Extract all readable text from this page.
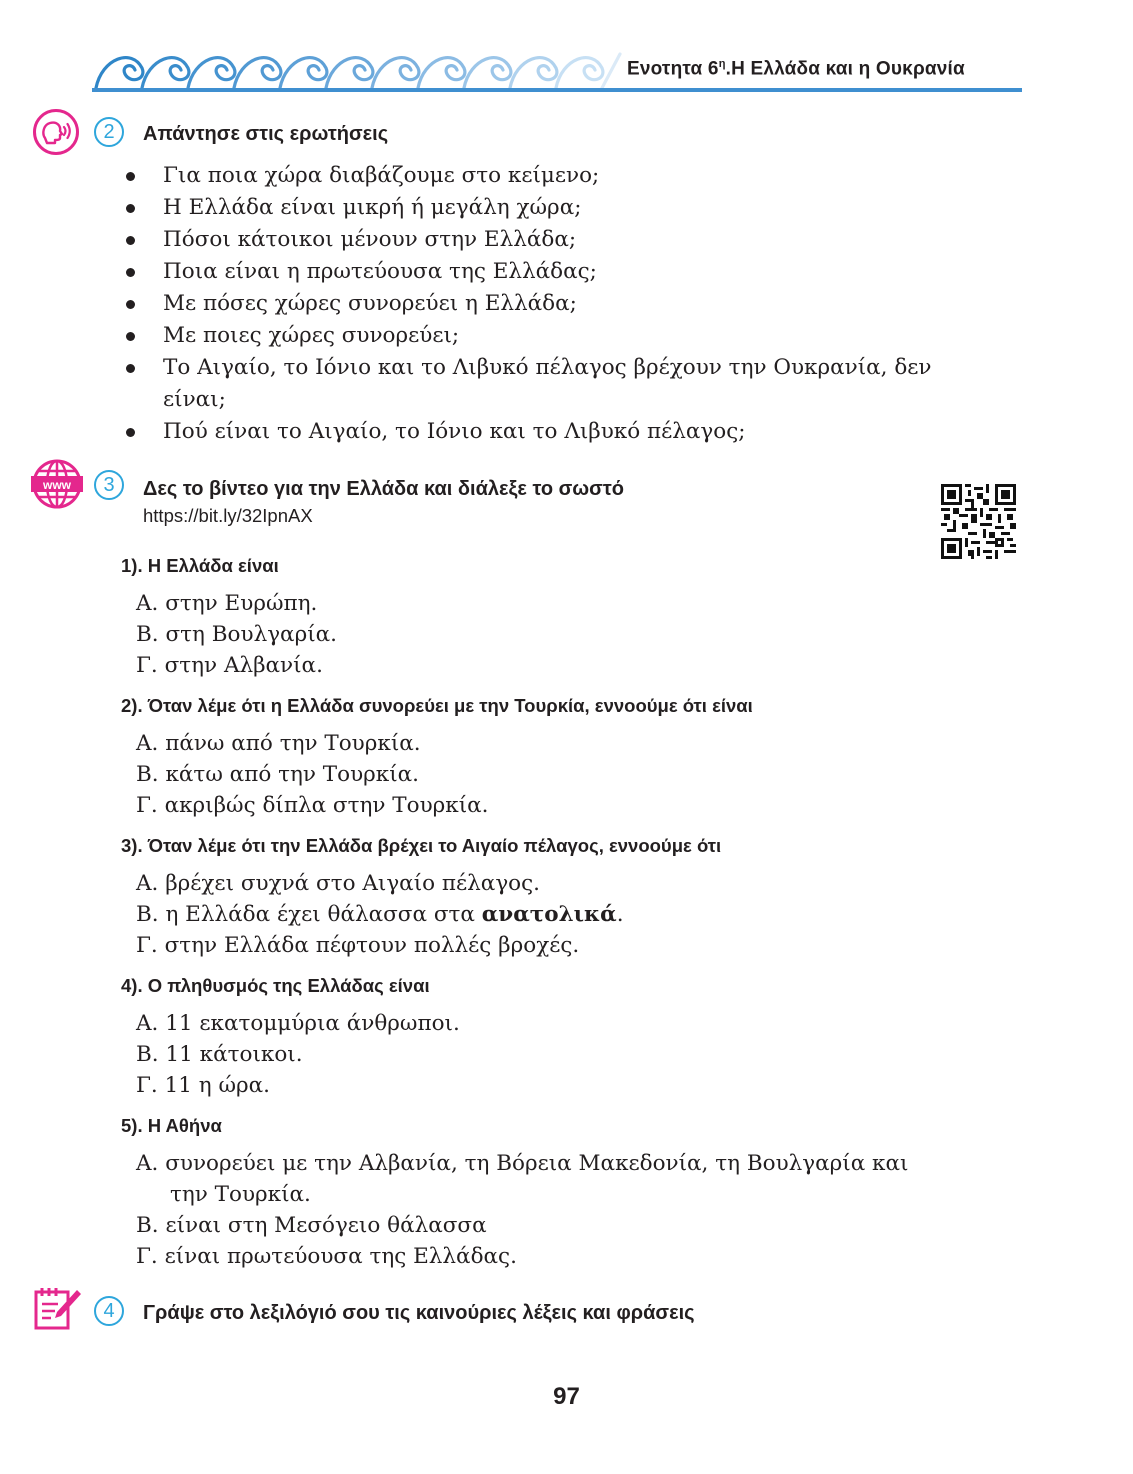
Ενοτητα $6^\eta.H$ Ελλάδα και η Ουκρανία
2	Απάντησε στις ερωτήσεις
Για ποια χώρα διαβάζουμε στο κείμενο;
Η Ελλάδα είναι μικρή ή μεγάλη χώρα;
Πόσοι κάτοικοι μένουν στην Ελλάδα;
Ποια είναι η πρωτεύουσα της Ελλάδας;
Με πόσες χώρες συνορεύει η Ελλάδα;
Με ποιες χώρες συνορεύει;
Το Αιγαίο, το Ιόνιο και το Λιβυκό πέλαγος βρέχουν την Ουκρανία, δεν είναι;
Πού είναι το Αιγαίο, το Ιόνιο και το Λιβυκό πέλαγος;
www	3	Δες το βίντεο για την Ελλάδα και διάλεξε το σωστό
https://bit.ly/32IpnAX
1). Η Ελλάδα είναι
Α. στην Ευρώπη.
Β. στη Βουλγαρία.
Γ. στην Αλβανία.
2). Όταν λέμε ότι η Ελλάδα συνορεύει με την Τουρκία, εννοούμε ότι είναι
Α. πάνω από την Τουρκία.
Β. κάτω από την Τουρκία.
Γ. ακριβώς δίπλα στην Τουρκία.
3). Όταν λέμε ότι την Ελλάδα βρέχει το Αιγαίο πέλαγος, εννοούμε ότι
Α. βρέχει συχνά στο Αιγαίο πέλαγος.
Β. η Ελλάδα έχει θάλασσα στα ανατολικά.
Γ. στην Ελλάδα πέφτουν πολλές βροχές.
4). Ο πληθυσμός της Ελλάδας είναι
Α. 11 εκατομμύρια άνθρωποι.
Β. 11 κάτοικοι.
Γ. 11 η ώρα.
5). Η Αθήνα
Α. συνορεύει με την Αλβανία, τη Βόρεια Μακεδονία, τη Βουλγαρία και
την Τουρκία.
Β. είναι στη Μεσόγειο θάλασσα
Γ. είναι πρωτεύουσα της Ελλάδας.
4	Γράψε στο λεξιλόγιό σου τις καινούριες λέξεις και φράσεις
97
